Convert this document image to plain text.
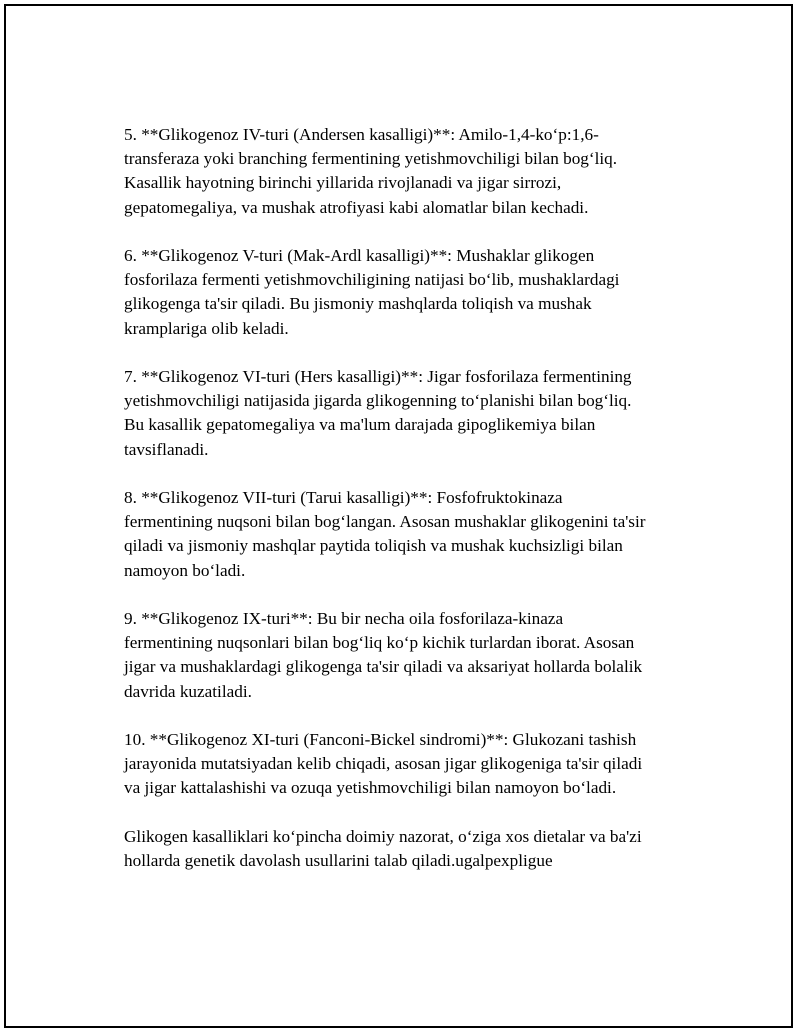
5. **Glikogenoz IV-turi (Andersen kasalligi)**: Amilo-1,4-ko‘p:1,6-
transferaza yoki branching fermentining yetishmovchiligi bilan bog‘liq.
Kasallik hayotning birinchi yillarida rivojlanadi va jigar sirrozi,
gepatomegaliya, va mushak atrofiyasi kabi alomatlar bilan kechadi.

6. **Glikogenoz V-turi (Mak-Ardl kasalligi)**: Mushaklar glikogen
fosforilaza fermenti yetishmovchiligining natijasi bo‘lib, mushaklardagi
glikogenga ta'sir qiladi. Bu jismoniy mashqlarda toliqish va mushak
kramplariga olib keladi.

7. **Glikogenoz VI-turi (Hers kasalligi)**: Jigar fosforilaza fermentining
yetishmovchiligi natijasida jigarda glikogenning to‘planishi bilan bog‘liq.
Bu kasallik gepatomegaliya va ma'lum darajada gipoglikemiya bilan
tavsiflanadi.

8. **Glikogenoz VII-turi (Tarui kasalligi)**: Fosfofruktokinaza
fermentining nuqsoni bilan bog‘langan. Asosan mushaklar glikogenini ta'sir
qiladi va jismoniy mashqlar paytida toliqish va mushak kuchsizligi bilan
namoyon bo‘ladi.

9. **Glikogenoz IX-turi**: Bu bir necha oila fosforilaza-kinaza
fermentining nuqsonlari bilan bog‘liq ko‘p kichik turlardan iborat. Asosan
jigar va mushaklardagi glikogenga ta'sir qiladi va aksariyat hollarda bolalik
davrida kuzatiladi.

10. **Glikogenoz XI-turi (Fanconi-Bickel sindromi)**: Glukozani tashish
jarayonida mutatsiyadan kelib chiqadi, asosan jigar glikogeniga ta'sir qiladi
va jigar kattalashishi va ozuqa yetishmovchiligi bilan namoyon bo‘ladi.

Glikogen kasalliklari ko‘pincha doimiy nazorat, o‘ziga xos dietalar va ba'zi
hollarda genetik davolash usullarini talab qiladi.ugalpexpligue
